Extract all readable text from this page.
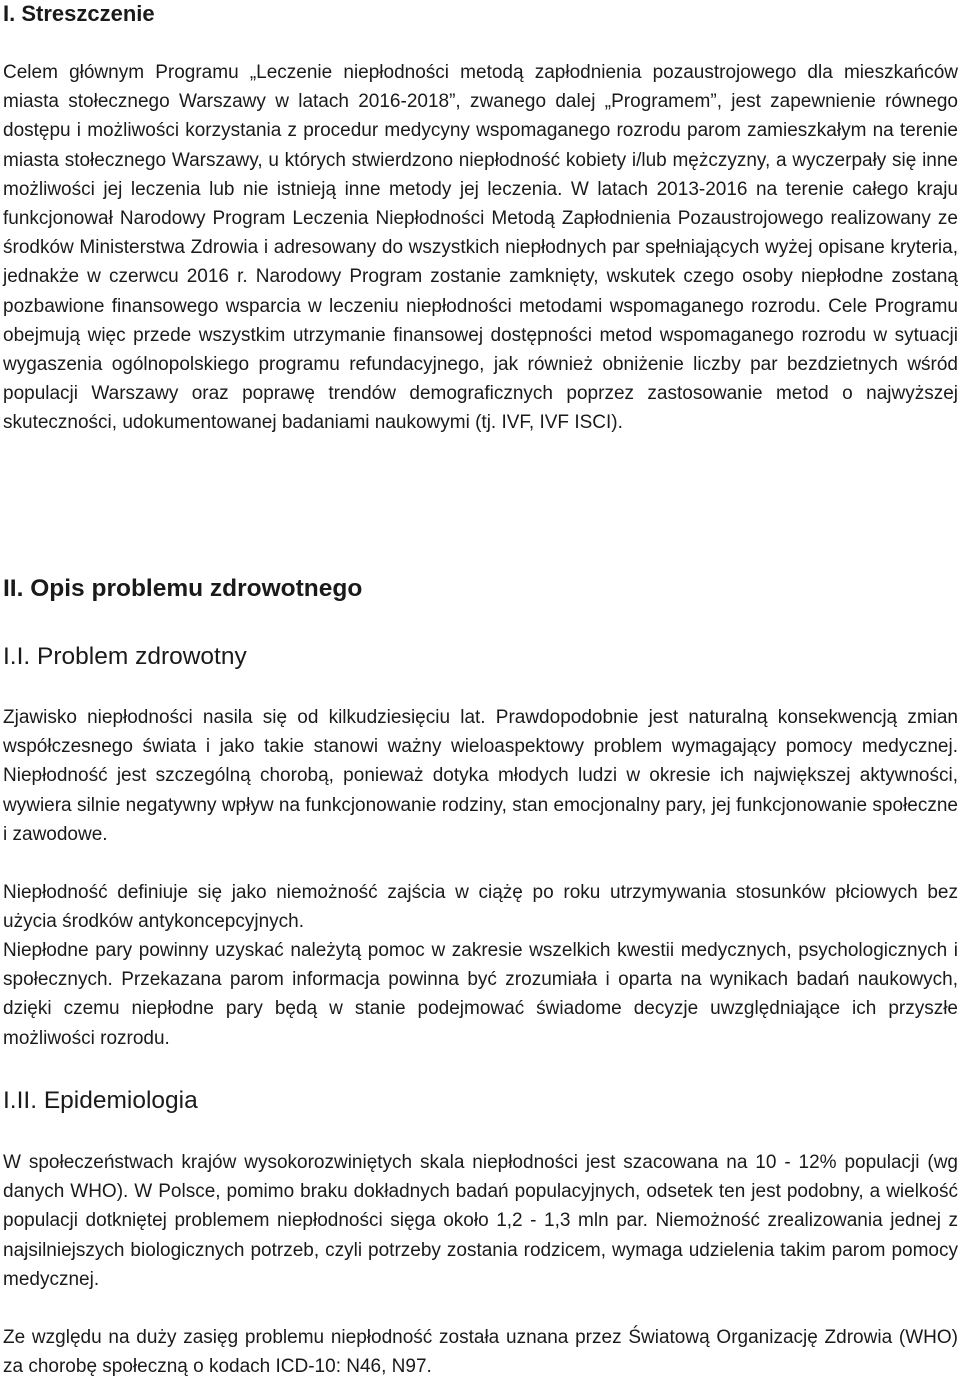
I. Streszczenie

Celem głównym Programu „Leczenie niepłodności metodą zapłodnienia pozaustrojowego dla mieszkańców miasta stołecznego Warszawy w latach 2016-2018”, zwanego dalej „Programem”, jest zapewnienie równego dostępu i możliwości korzystania z procedur medycyny wspomaganego rozrodu parom zamieszkałym na terenie miasta stołecznego Warszawy, u których stwierdzono niepłodność kobiety i/lub mężczyzny, a wyczerpały się inne możliwości jej leczenia lub nie istnieją inne metody jej leczenia. W latach 2013-2016 na terenie całego kraju funkcjonował Narodowy Program Leczenia Niepłodności Metodą Zapłodnienia Pozaustrojowego realizowany ze środków Ministerstwa Zdrowia i adresowany do wszystkich niepłodnych par spełniających wyżej opisane kryteria, jednakże w czerwcu 2016 r. Narodowy Program zostanie zamknięty, wskutek czego osoby niepłodne zostaną pozbawione finansowego wsparcia w leczeniu niepłodności metodami wspomaganego rozrodu. Cele Programu obejmują więc przede wszystkim utrzymanie finansowej dostępności metod wspomaganego rozrodu w sytuacji wygaszenia ogólnopolskiego programu refundacyjnego, jak również obniżenie liczby par bezdzietnych wśród populacji Warszawy oraz poprawę trendów demograficznych poprzez zastosowanie metod o najwyższej skuteczności, udokumentowanej badaniami naukowymi (tj. IVF, IVF ISCI).

II. Opis problemu zdrowotnego
I.I. Problem zdrowotny

Zjawisko niepłodności nasila się od kilkudziesięciu lat. Prawdopodobnie jest naturalną konsekwencją zmian współczesnego świata i jako takie stanowi ważny wieloaspektowy problem wymagający pomocy medycznej. Niepłodność jest szczególną chorobą, ponieważ dotyka młodych ludzi w okresie ich największej aktywności, wywiera silnie negatywny wpływ na funkcjonowanie rodziny, stan emocjonalny pary, jej funkcjonowanie społeczne i zawodowe.

Niepłodność definiuje się jako niemożność zajścia w ciążę po roku utrzymywania stosunków płciowych bez użycia środków antykoncepcyjnych.

Niepłodne pary powinny uzyskać należytą pomoc w zakresie wszelkich kwestii medycznych, psychologicznych i społecznych. Przekazana parom informacja powinna być zrozumiała i oparta na wynikach badań naukowych, dzięki czemu niepłodne pary będą w stanie podejmować świadome decyzje uwzględniające ich przyszłe możliwości rozrodu.

I.II. Epidemiologia

W społeczeństwach krajów wysokorozwiniętych skala niepłodności jest szacowana na 10 - 12% populacji (wg danych WHO). W Polsce, pomimo braku dokładnych badań populacyjnych, odsetek ten jest podobny, a wielkość populacji dotkniętej problemem niepłodności sięga około 1,2 - 1,3 mln par. Niemożność zrealizowania jednej z najsilniejszych biologicznych potrzeb, czyli potrzeby zostania rodzicem, wymaga udzielenia takim parom pomocy medycznej.

Ze względu na duży zasięg problemu niepłodność została uznana przez Światową Organizację Zdrowia (WHO) za chorobę społeczną o kodach ICD-10: N46, N97.
